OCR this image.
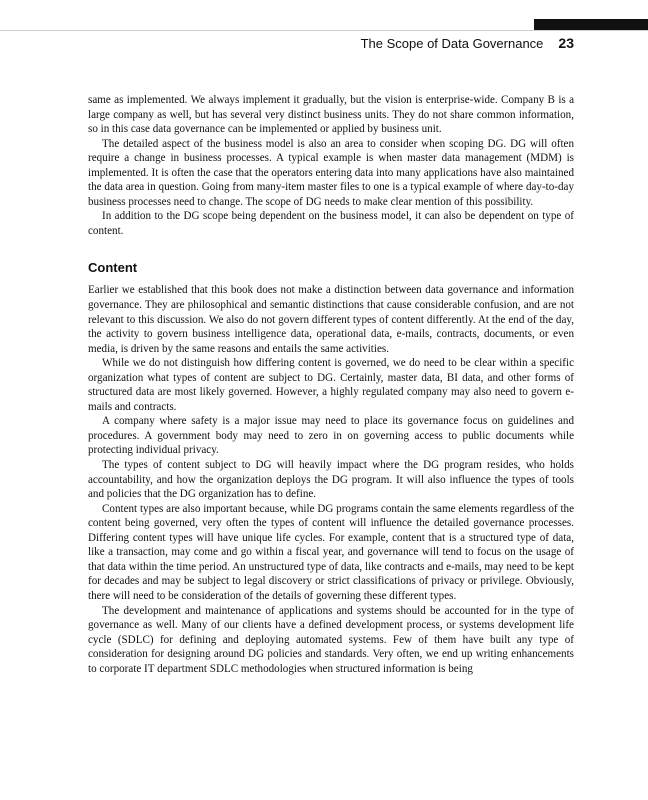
The Scope of Data Governance 23

same as implemented. We always implement it gradually, but the vision is enterprise-wide. Company B is a large company as well, but has several very distinct business units. They do not share common information, so in this case data governance can be implemented or applied by business unit.

The detailed aspect of the business model is also an area to consider when scoping DG. DG will often require a change in business processes. A typical example is when master data management (MDM) is implemented. It is often the case that the operators entering data into many applications have also maintained the data area in question. Going from many-item master files to one is a typical example of where day-to-day business processes need to change. The scope of DG needs to make clear mention of this possibility.

In addition to the DG scope being dependent on the business model, it can also be dependent on type of content.

Content

Earlier we established that this book does not make a distinction between data governance and information governance. They are philosophical and semantic distinctions that cause considerable confusion, and are not relevant to this discussion. We also do not govern different types of content differently. At the end of the day, the activity to govern business intelligence data, operational data, e-mails, contracts, documents, or even media, is driven by the same reasons and entails the same activities.

While we do not distinguish how differing content is governed, we do need to be clear within a specific organization what types of content are subject to DG. Certainly, master data, BI data, and other forms of structured data are most likely governed. However, a highly regulated company may also need to govern e-mails and contracts.

A company where safety is a major issue may need to place its governance focus on guidelines and procedures. A government body may need to zero in on governing access to public documents while protecting individual privacy.

The types of content subject to DG will heavily impact where the DG program resides, who holds accountability, and how the organization deploys the DG program. It will also influence the types of tools and policies that the DG organization has to define.

Content types are also important because, while DG programs contain the same elements regardless of the content being governed, very often the types of content will influence the detailed governance processes. Differing content types will have unique life cycles. For example, content that is a structured type of data, like a transaction, may come and go within a fiscal year, and governance will tend to focus on the usage of that data within the time period. An unstructured type of data, like contracts and e-mails, may need to be kept for decades and may be subject to legal discovery or strict classifications of privacy or privilege. Obviously, there will need to be consideration of the details of governing these different types.

The development and maintenance of applications and systems should be accounted for in the type of governance as well. Many of our clients have a defined development process, or systems development life cycle (SDLC) for defining and deploying automated systems. Few of them have built any type of consideration for designing around DG policies and standards. Very often, we end up writing enhancements to corporate IT department SDLC methodologies when structured information is being
